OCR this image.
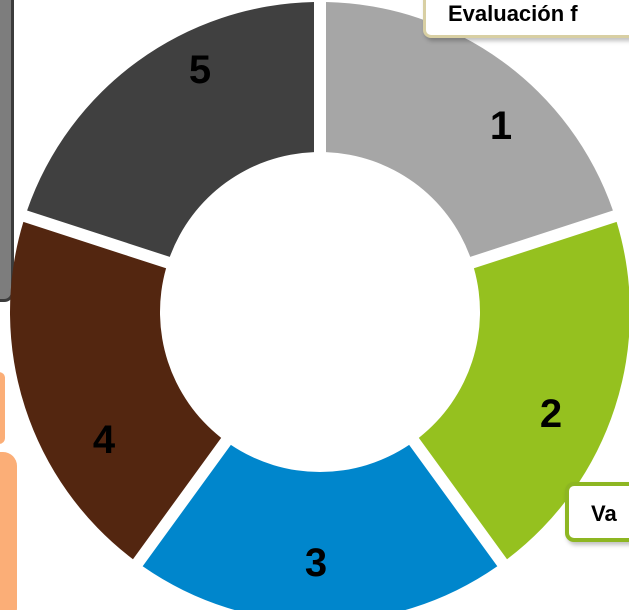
1
2
3
4
5
Evaluación f
Va
